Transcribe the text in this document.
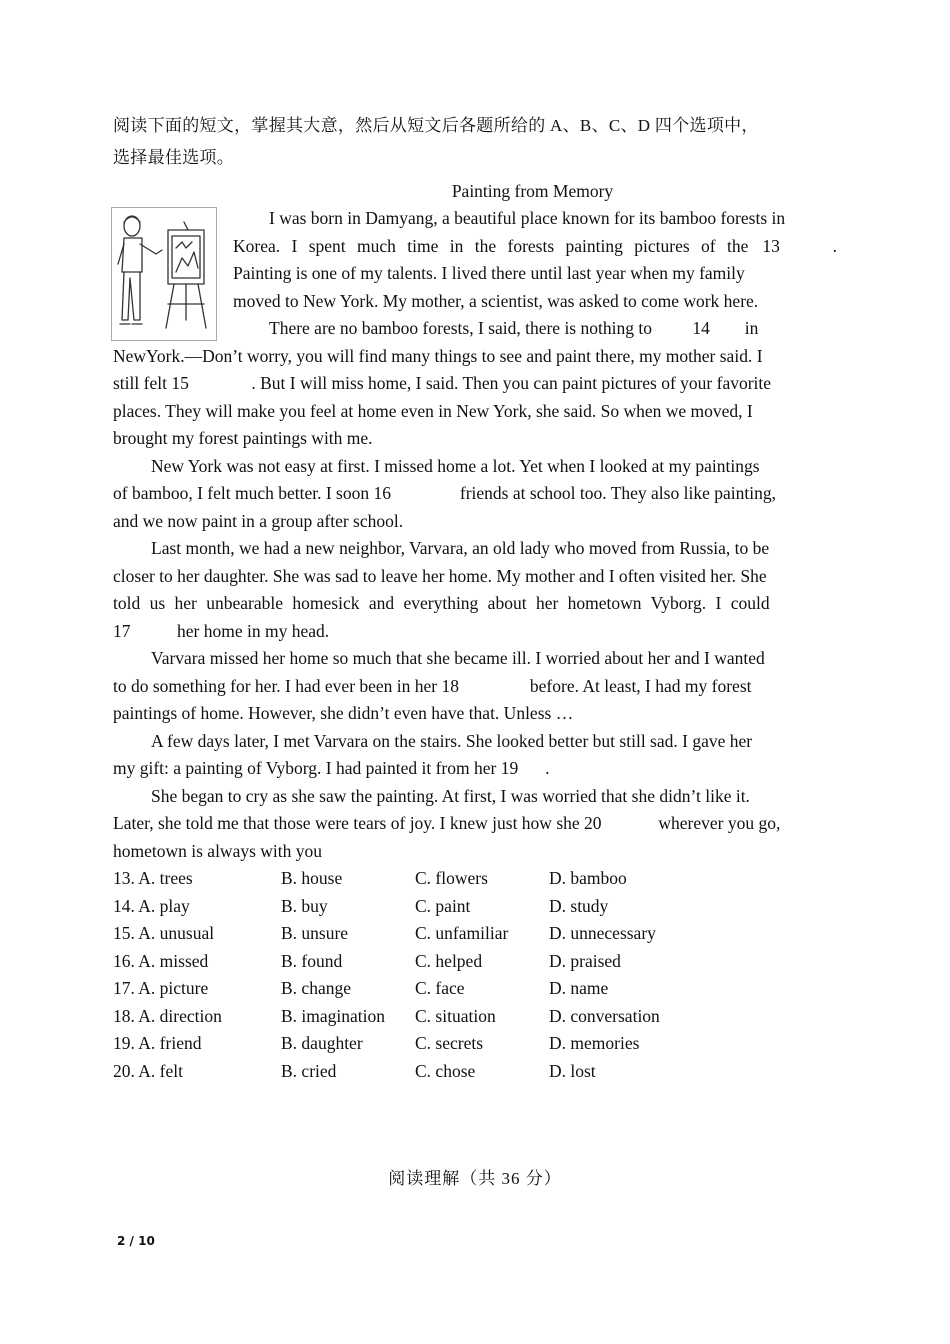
阅读下面的短文，掌握其大意，然后从短文后各题所给的 A、B、C、D 四个选项中，
选择最佳选项。
Painting from Memory

I was born in Damyang, a beautiful place known for its bamboo forests in

Korea. I spent much time in the forests painting pictures of the 13	.

Painting is one of my talents. I lived there until last year when my family

moved to New York. My mother, a scientist, was asked to come work here.

There are no bamboo forests, I said, there is nothing to 14 in

NewYork.―Don’t worry, you will find many things to see and paint there, my mother said. I

still felt 15	. But I will miss home, I said. Then you can paint pictures of your favorite

places. They will make you feel at home even in New York, she said. So when we moved, I

brought my forest paintings with me.

New York was not easy at first. I missed home a lot. Yet when I looked at my paintings

of bamboo, I felt much better. I soon 16	friends at school too. They also like painting,

and we now paint in a group after school.

Last month, we had a new neighbor, Varvara, an old lady who moved from Russia, to be

closer to her daughter. She was sad to leave her home. My mother and I often visited her. She

told us her unbearable homesick and everything about her hometown Vyborg. I could

17	her home in my head.

Varvara missed her home so much that she became ill. I worried about her and I wanted

to do something for her. I had ever been in her 18	before. At least, I had my forest

paintings of home. However, she didn’t even have that. Unless …

A few days later, I met Varvara on the stairs. She looked better but still sad. I gave her

my gift: a painting of Vyborg. I had painted it from her 19 .

She began to cry as she saw the painting. At first, I was worried that she didn’t like it.

Later, she told me that those were tears of joy. I knew just how she 20	wherever you go,

hometown is always with you

13. A. trees	B. house	C. flowers	D. bamboo
14. A. play	B. buy	C. paint	D. study
15. A. unusual	B. unsure	C. unfamiliar	D. unnecessary
16. A. missed	B. found	C. helped	D. praised
17. A. picture	B. change	C. face	D. name
18. A. direction	B. imagination	C. situation	D. conversation
19. A. friend	B. daughter	C. secrets	D. memories
20. A. felt	B. cried	C. chose	D. lost
阅读理解（共 36 分）
2 / 10
